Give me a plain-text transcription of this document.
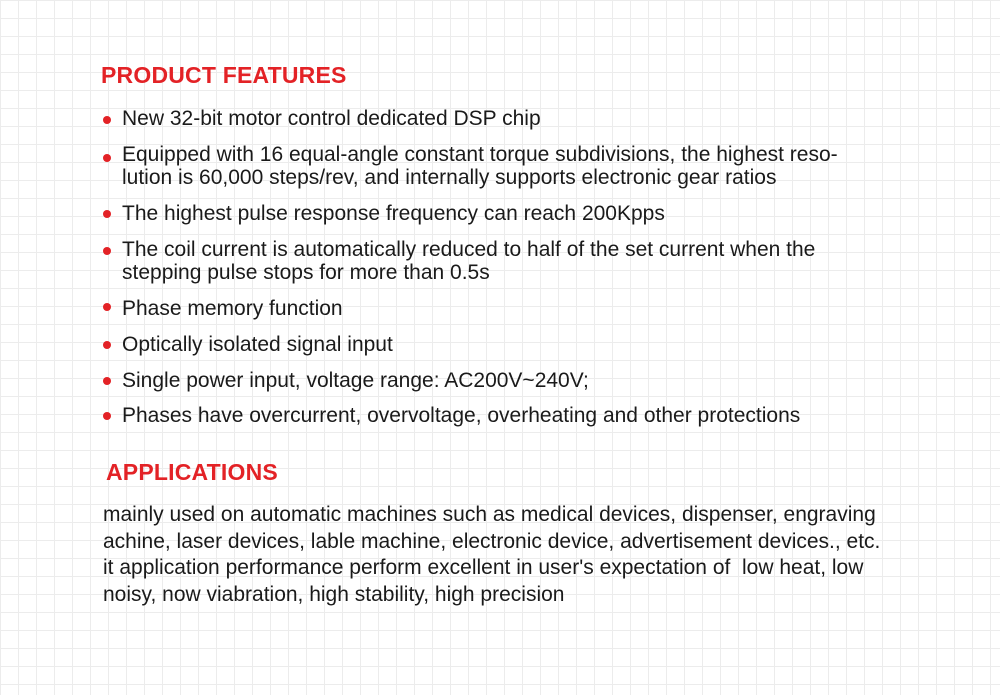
PRODUCT FEATURES
New 32-bit motor control dedicated DSP chip
Equipped with 16 equal-angle constant torque subdivisions, the highest reso-
lution is 60,000 steps/rev, and internally supports electronic gear ratios
The highest pulse response frequency can reach 200Kpps
The coil current is automatically reduced to half of the set current when the
stepping pulse stops for more than 0.5s
Phase memory function
Optically isolated signal input
Single power input, voltage range: AC200V~240V;
Phases have overcurrent, overvoltage, overheating and other protections
APPLICATIONS

mainly used on automatic machines such as medical devices, dispenser, engraving
achine, laser devices, lable machine, electronic device, advertisement devices., etc.
it application performance perform excellent in user's expectation of  low heat, low
noisy, now viabration, high stability, high precision
